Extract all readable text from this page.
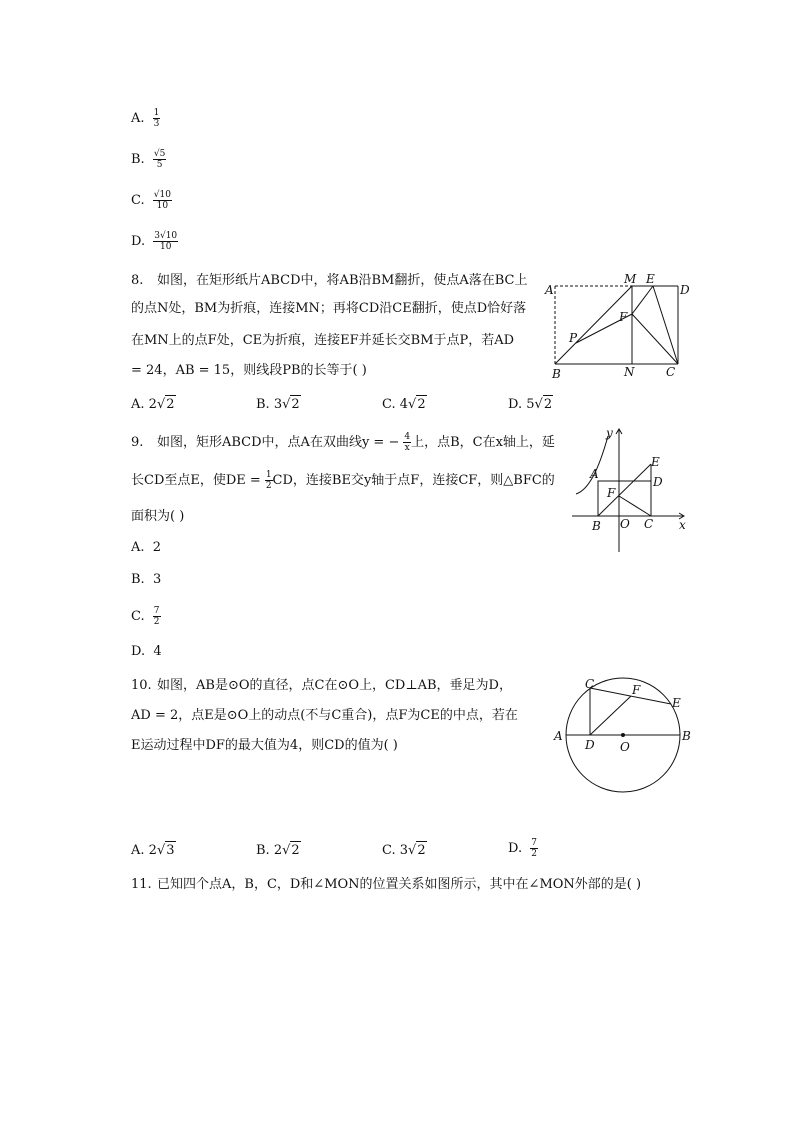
A. $\frac{1}{3}$
B. $\frac{√5}{5}$
C. $\frac{√10}{10}$
D. $\frac{3√10}{10}$
8. 如图，在矩形纸片ABCD中，将AB沿BM翻折，使点A落在BC上
的点N处，BM为折痕，连接MN；再将CD沿CE翻折，使点D恰好落
在MN上的点F处，CE为折痕，连接EF并延长交BM于点P，若AD
= 24，AB = 15，则线段PB的长等于( )
A. 2√2	B. 3√2	C. 4√2	D. 5√2
A
B	C
D
M E
N
F
P
9. 如图，矩形ABCD中，点A在双曲线y = − $\frac{4}{x}$ 上，点B，C在x轴上，延
长CD至点E，使DE = $\frac{1}{2}$ CD，连接BE交y轴于点F，连接CF，则△BFC的
面积为( )
A. 2
B. 3
C. $\frac{7}{2}$
D. 4
y
x
A
B	C
D
E
F
O
10. 如图，AB是⊙O的直径，点C在⊙O上，CD⊥AB，垂足为D，
AD = 2，点E是⊙O上的动点(不与C重合)，点F为CE的中点，若在
E运动过程中DF的最大值为4，则CD的值为( )
A. 2√3	B. 2√2	C. 3√2	D. $\frac{7}{2}$
A	B
C
D
E
F
O
11. 已知四个点A，B，C，D和∠MON的位置关系如图所示，其中在∠MON外部的是( )
